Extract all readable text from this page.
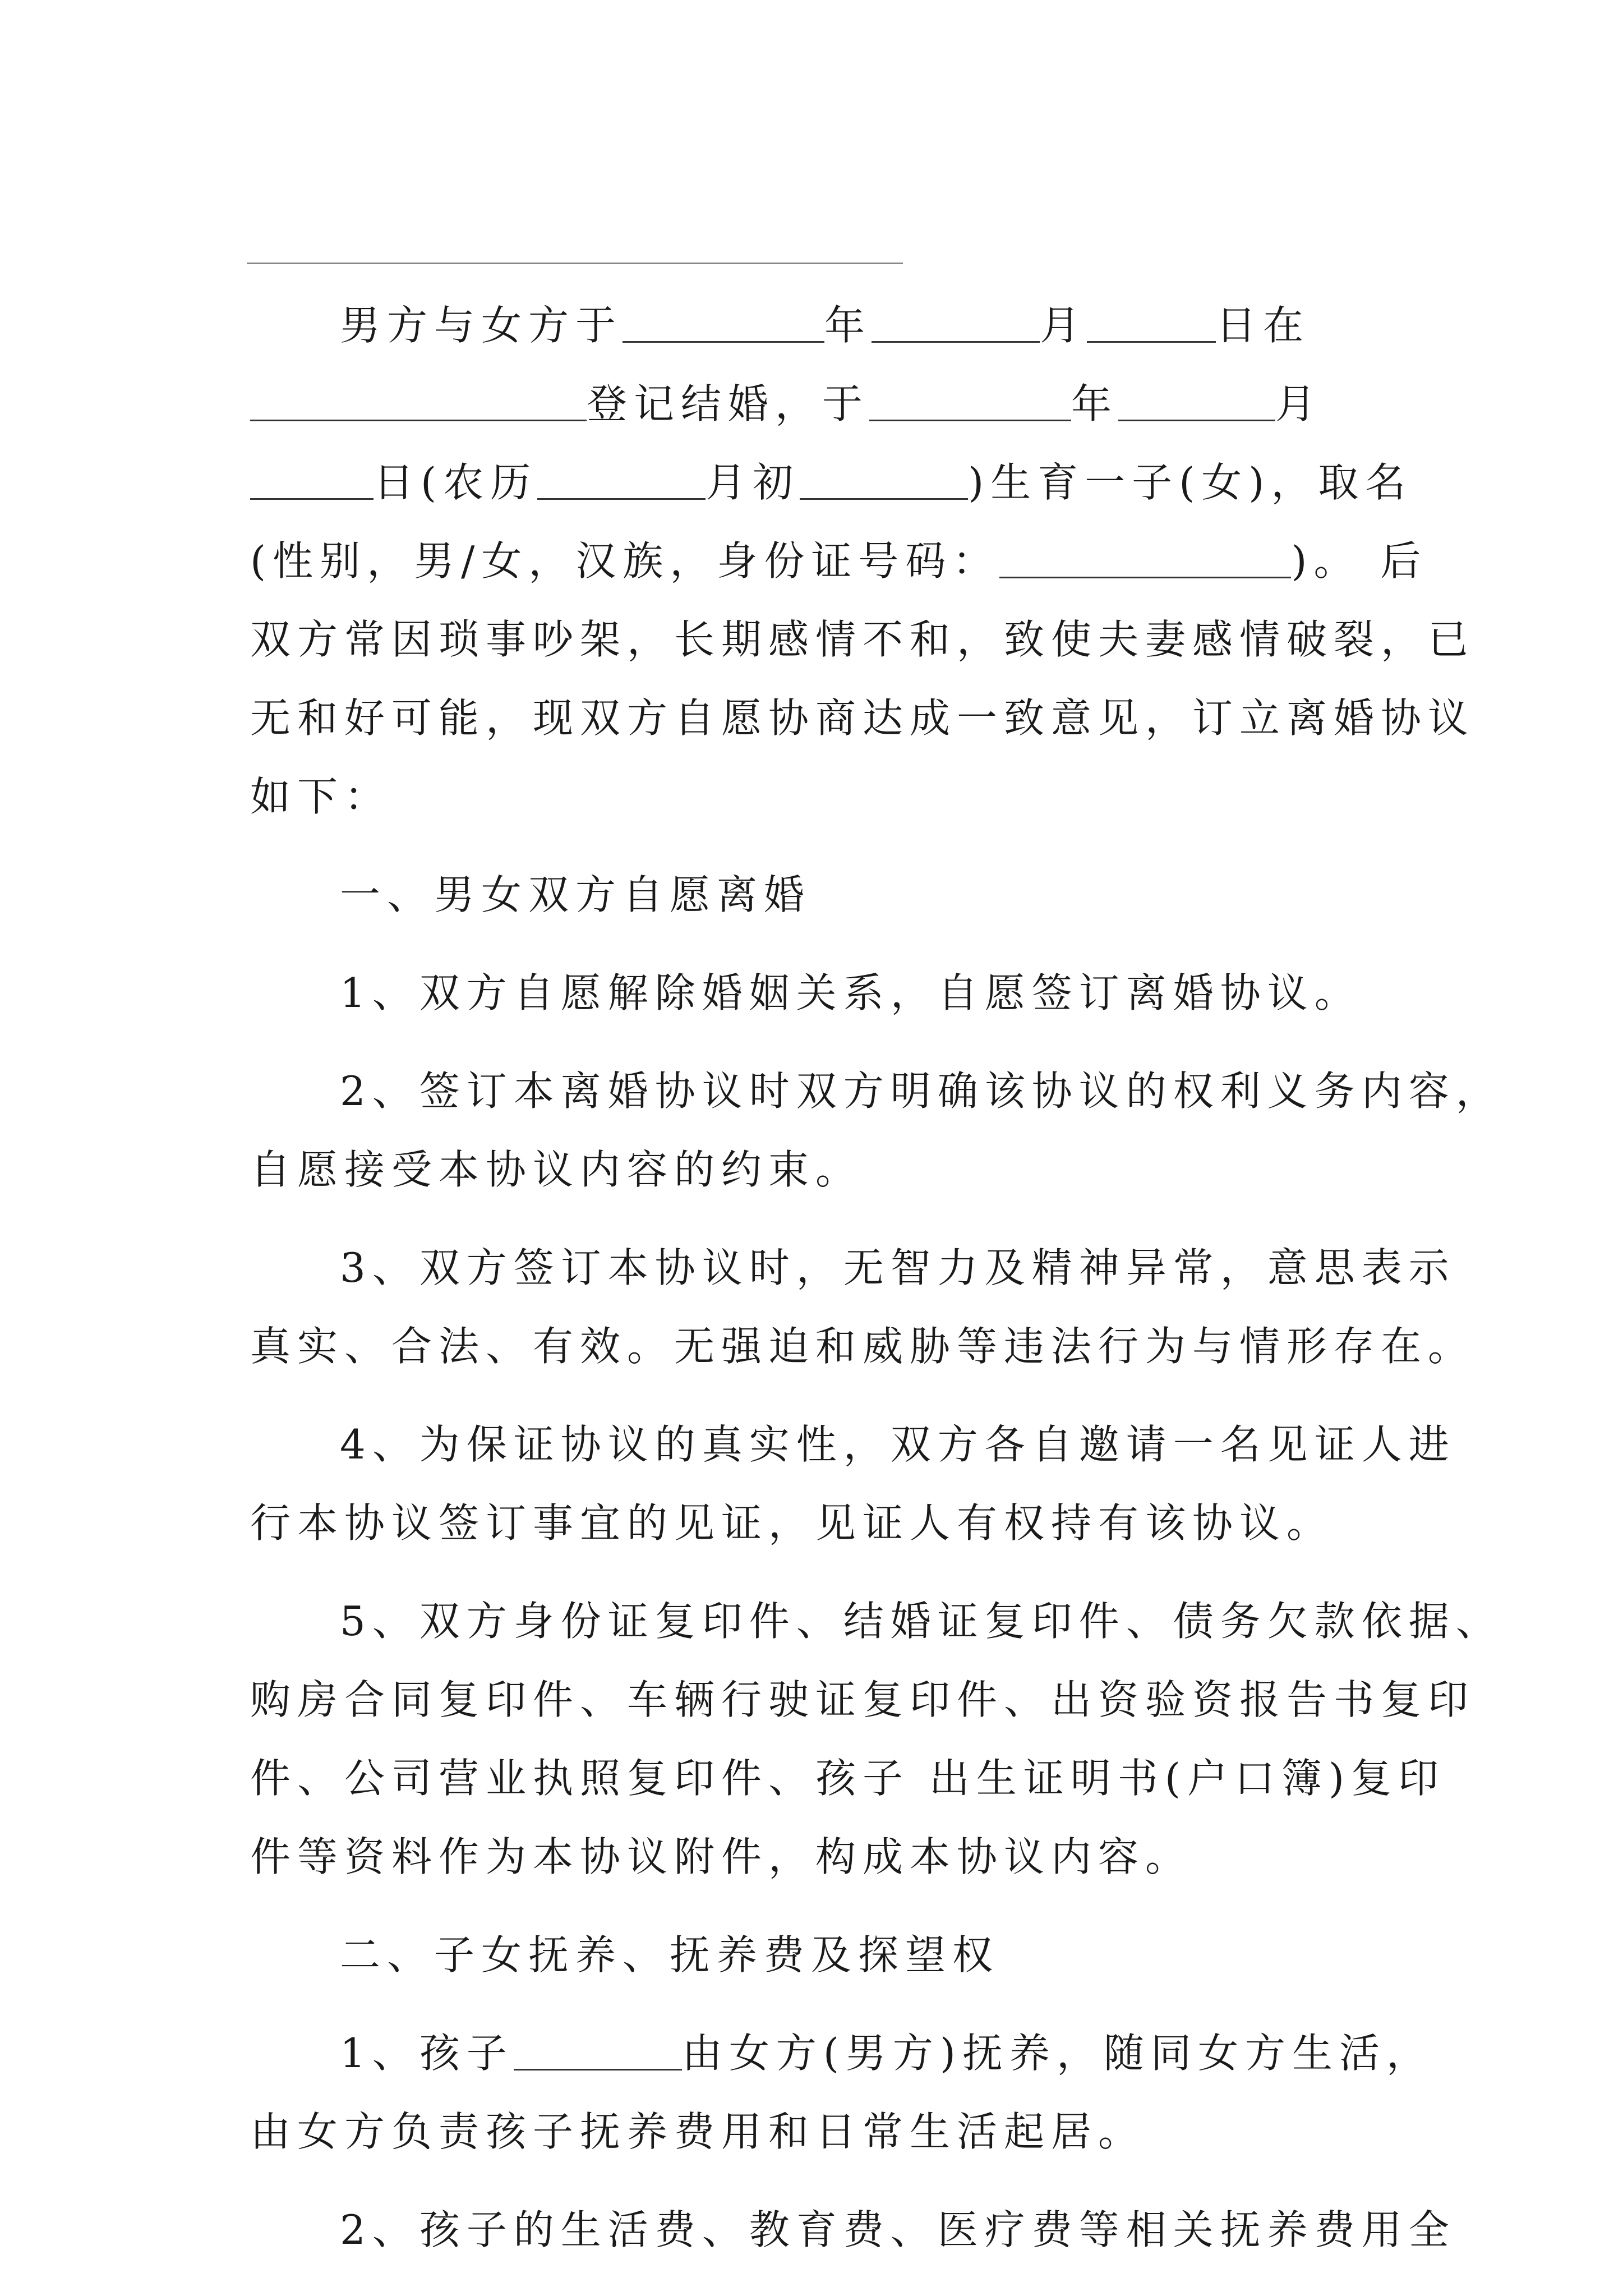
男方与女方于	年	月	日在
登记结婚，于	年	月
日(农历	月初	)生育一子(女)，取名
(性别，男/女，汉族，身份证号码：	)。 后
双方常因琐事吵架，长期感情不和，致使夫妻感情破裂，已
无和好可能，现双方自愿协商达成一致意见，订立离婚协议
如下：
一、男女双方自愿离婚
1、双方自愿解除婚姻关系，自愿签订离婚协议。
2、签订本离婚协议时双方明确该协议的权利义务内容，
自愿接受本协议内容的约束。
3、双方签订本协议时，无智力及精神异常，意思表示
真实、合法、有效。无强迫和威胁等违法行为与情形存在。
4、为保证协议的真实性，双方各自邀请一名见证人进
行本协议签订事宜的见证，见证人有权持有该协议。
5、双方身份证复印件、结婚证复印件、债务欠款依据、
购房合同复印件、车辆行驶证复印件、出资验资报告书复印
件、公司营业执照复印件、孩子 出生证明书(户口簿)复印
件等资料作为本协议附件，构成本协议内容。
二、子女抚养、抚养费及探望权
1、孩子	由女方(男方)抚养，随同女方生活，
由女方负责孩子抚养费用和日常生活起居。
2、孩子的生活费、教育费、医疗费等相关抚养费用全
